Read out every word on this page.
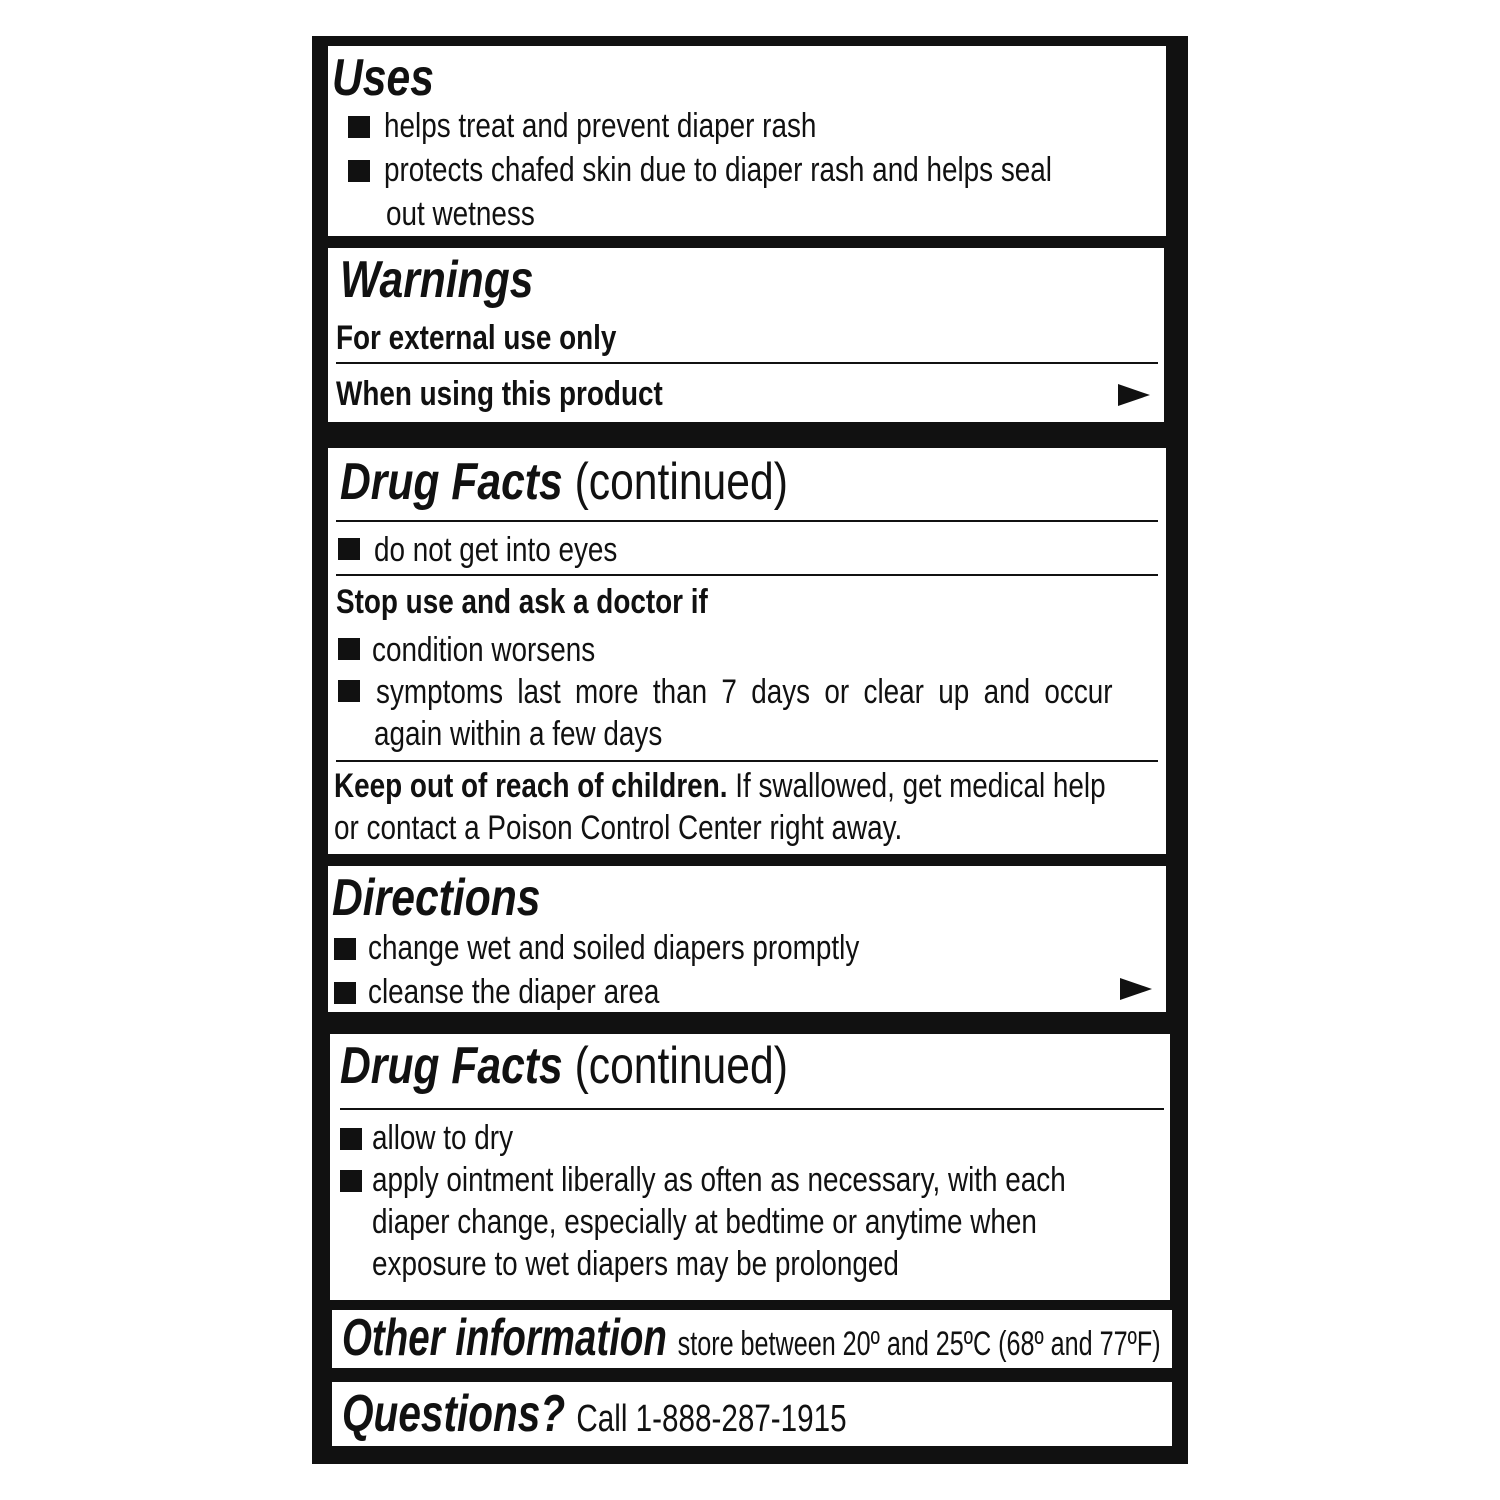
Uses
helps treat and prevent diaper rash
protects chafed skin due to diaper rash and helps seal
out wetness
Warnings
For external use only
When using this product
Drug Facts (continued)
do not get into eyes
Stop use and ask a doctor if
condition worsens
symptoms last more than 7 days or clear up and occur
again within a few days
Keep out of reach of children. If swallowed, get medical help
or contact a Poison Control Center right away.
Directions
change wet and soiled diapers promptly
cleanse the diaper area
Drug Facts (continued)
allow to dry
apply ointment liberally as often as necessary, with each
diaper change, especially at bedtime or anytime when
exposure to wet diapers may be prolonged
Other information store between 20º and 25ºC (68º and 77ºF)
Questions? Call 1-888-287-1915
